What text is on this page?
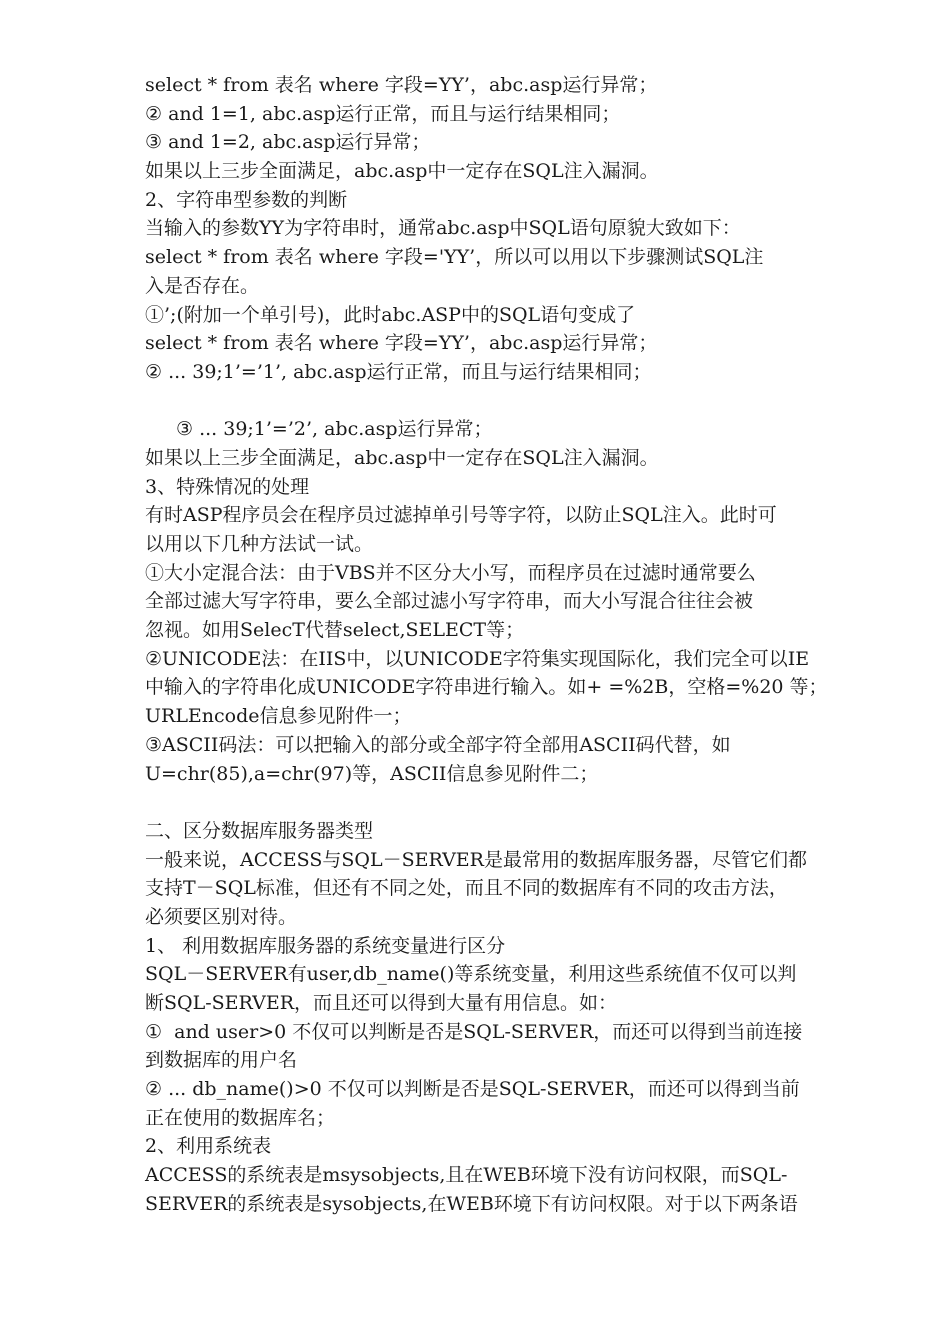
select * from 表名 where 字段=YY’，abc.asp运行异常；
② and 1=1, abc.asp运行正常，而且与运行结果相同；
③ and 1=2, abc.asp运行异常；
如果以上三步全面满足，abc.asp中一定存在SQL注入漏洞。
2、字符串型参数的判断
当输入的参数YY为字符串时，通常abc.asp中SQL语句原貌大致如下：
select * from 表名 where 字段='YY’，所以可以用以下步骤测试SQL注
入是否存在。
①’;(附加一个单引号)，此时abc.ASP中的SQL语句变成了
select * from 表名 where 字段=YY’，abc.asp运行异常；
② ... 39;1’=’1’, abc.asp运行正常，而且与运行结果相同；
③ ... 39;1’=’2’, abc.asp运行异常；
如果以上三步全面满足，abc.asp中一定存在SQL注入漏洞。
3、特殊情况的处理
有时ASP程序员会在程序员过滤掉单引号等字符，以防止SQL注入。此时可
以用以下几种方法试一试。
①大小定混合法：由于VBS并不区分大小写，而程序员在过滤时通常要么
全部过滤大写字符串，要么全部过滤小写字符串，而大小写混合往往会被
忽视。如用SelecT代替select,SELECT等；
②UNICODE法：在IIS中，以UNICODE字符集实现国际化，我们完全可以IE
中输入的字符串化成UNICODE字符串进行输入。如+ =%2B，空格=%20 等；
URLEncode信息参见附件一；
③ASCII码法：可以把输入的部分或全部字符全部用ASCII码代替，如
U=chr(85),a=chr(97)等，ASCII信息参见附件二；
二、区分数据库服务器类型
一般来说，ACCESS与SQL－SERVER是最常用的数据库服务器，尽管它们都
支持T－SQL标准，但还有不同之处，而且不同的数据库有不同的攻击方法，
必须要区别对待。
1、 利用数据库服务器的系统变量进行区分
SQL－SERVER有user,db_name()等系统变量，利用这些系统值不仅可以判
断SQL-SERVER，而且还可以得到大量有用信息。如：
①  and user>0 不仅可以判断是否是SQL-SERVER，而还可以得到当前连接
到数据库的用户名
② ... db_name()>0 不仅可以判断是否是SQL-SERVER，而还可以得到当前
正在使用的数据库名；
2、利用系统表
ACCESS的系统表是msysobjects,且在WEB环境下没有访问权限，而SQL-
SERVER的系统表是sysobjects,在WEB环境下有访问权限。对于以下两条语
